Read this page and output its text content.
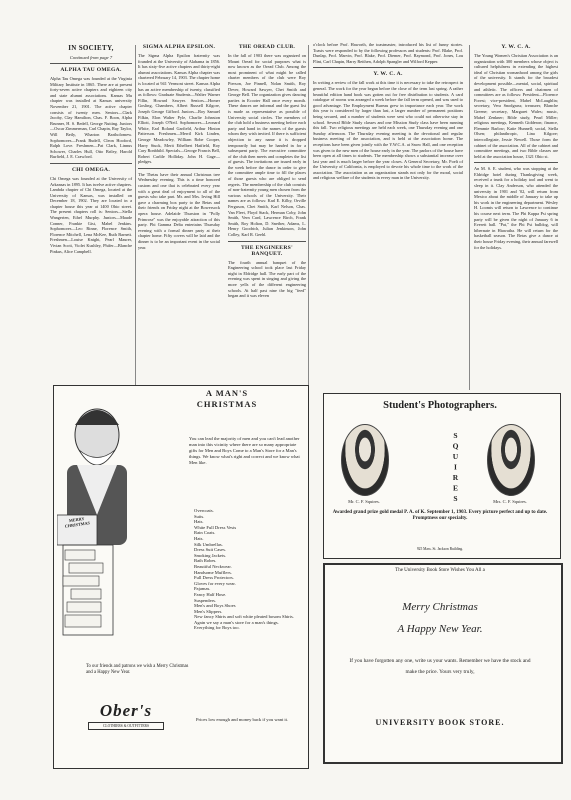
IN SOCIETY,
Continued from page 7
ALPHA TAU OMEGA.
Alpha Tau Omega was founded at the Virginia Military Institute in 1865. There are at present forty-seven active chapters and eighteen city and state alumni associations. Kansas Mu chapter was installed at Kansas university November 21, 1901. The active chapter consists of twenty men. Seniors—Clark Jacoby, Clay Hamilton, Chas. F. Boon, Alpha Brunner, H. S. Bedell, George Nutting. Juniors—Oscar Zimmerman, Carl Chapin, Ray Taylor, Will Beily, Wharton Bartholomew. Sophomores—Frank Budell, Cleon Hooford, Ralph Love. Freshmen—Pat Clark, Linnus Schower, Charles Hull, Otto Briley, Harold Burfield, J. E. Crawford.
CHI OMEGA.
Chi Omega was founded at the University of Arkansas in 1895. It has twelve active chapters. Lambda chapter of Chi Omega, located at the University of Kansas, was installed on December 18, 1902. They are located in a chapter house this year at 1400 Ohio street. The present chapters roll is: Seniors—Stella Wangerien, Ethel Murphy. Juniors—Maude Conner, Frankie Gist, Mabel Jenkins. Sophomores—Leo Rinne, Florence Smith, Florence Mitchell, Lena McKee, Ruth Barnett. Freshmen—Louise Knight, Pearl Maurer, Vivian Scott, Violet Kushley, Phifer—Blanche Pinkus, Alice Campbell.
SIGMA ALPHA EPSILON.
The Sigma Alpha Epsilon fraternity was founded at the University of Alabama in 1856. It has sixty-five active chapters and thirty-eight alumni associations. Kansas Alpha chapter was chartered February 14, 1903. The chapter home is located at 941 Vermont street. Kansas Alpha has an active membership of twenty, classified as follows: Graduate Students—Walter Warner Fillin, Howard Sawyer. Seniors—Homer Gosling, Chambers, Albert Russell Kilgore, Joseph George Gifford. Juniors—Roy Samuel Filkin, Elon Walter Pyle, Charlie Johnston Elliott, Joseph O'Neil. Sophomores—Leonard White, Earl Roland Garfield, Arthur Hinton Patterson. Freshmen—Merril Kirk Linden, George Meadowley, William Robe Cooper, Harry Stuck, Merit Ethelbert Hatfield, Roy Cary Ronbhild. Specials—George Francis Bell, Robert Carlile Holliday. John H. Gage—pledges.
The Thetas have their annual Christmas tree Wednesday evening. This is a time honored custom and one that is celebrated every year with a great deal of enjoyment to all of the guests who take part. Mr. and Mrs. Irving Hill gave a charming box party to the Betas and their friends on Friday night at the Bowersock opera house. Adelaide Thurston in "Polly Primrose" was the enjoyable attraction of this party. Phi Gamma Delta entertains Thursday evening with a formal dinner party at their chapter home. Fifty covers will be laid and the dinner is to be an important event in the social year.
THE OREAD CLUB.
In the fall of 1903 there was organized on Mount Oread for social purposes what is now known as the Oread Club. Among the most prominent of what might be called charter members of the club were Roy Pierson, Joe Pinnell, Nolan Smith, Roy Dever, Howard Sawyer, Chet Smith and George Bell. The organization gives dancing parties in Ecooter Hall once every month. These dances are informal and the guest list is made as representative as possible of University social circles. The members of the club hold a business meeting before each party and hand in the names of the guests whom they wish invited. If there is sufficient objection to any name it is dropped temporarily but may be handed in for a subsequent party. The executive committee of the club then meets and completes the list of guests. The invitations are issued early in the week before the dance in order to give the committee ample time to fill the places of those guests who are obliged to send regrets. The membership of the club consists of non-fraternity young men chosen from the various schools of the University. Their names are as follows: Karl E. Kilby, Orville Ferguson, Chet Smith, Karl Nelson, Chas. Van Fleet, Floyd Stack, Herman Coby, John Smith, Vern Card, Lawrence Birch, Frank Smith, Roy Holton, D. Sneiber, Adams, L. Henry Goodrich, Julian Jenkinson, John Colley, Karl R. Geehl.
THE ENGINEERS' BANQUET.
The fourth annual banquet of the Engineering school took place last Friday night in Eldridge hall. The early part of the evening was spent in singing and giving the more yells of the different engineering schools. At half past nine the big "feed" began and it was eleven
o'clock before Prof. Haworth, the toastmaster, introduced his list of funny stories. Toasts were responded to by the following professors and students: Prof. Blake, Prof. Dunlap, Prof. Marvin, Prof. Blake, Prof. Diemer, Prof. Raymond, Prof. Jones, Lou Flint, Carl Chapin, Harry Reithen, Adolph Spangler and Wilford Kepper.
Y. W. C. A.
In writing a review of the fall work at this time it is necessary to take the retrospect in general. The work for the year began before the close of the term last spring. A rather beautiful edition hand book was gotten out for free distribution to students. A card catalogue of rooms was arranged a week before the fall term opened, and was used to good advantage. The Employment Bureau grew in importance each year. The work this year is considered by larger than last, a larger number of permanent positions being secured, and a number of students were sent who could not otherwise stay in school. Several Bible Study classes and one Mission Study class have been running this fall. Two religious meetings are held each week, one Thursday evening and one Sunday afternoon. The Thursday evening meeting is the devotional and regular business meeting of the association, and is held at the association home. The receptions have been given jointly with the Y.W.C.A. at Snow Hall, and one reception was given to the new men of the house early in the year. The parlors of the house have been open at all times to students. The membership shows a substantial increase over last year and is much larger before the year closes. A General Secretary, Mr. Poelt of the University of California, is employed to devote his whole time to the work of the association. The association as an organization stands not only for the moral, social and religious welfare of the students in every man in the University.
Y. W. C. A.
The Young Women's Christian Association is an organization with 300 members whose object is cultured helpfulness in extending the highest ideal of Christian womanhood among the girls of the university. It stands for the broadest development possible—mental, social, spiritual and athletic. The officers and chairmen of committees are as follows: President—Florence Forest; vice-president, Mabel McLaughlin; secretary, Vera Snodgrass; treasurer, Blanche Greene; secretary, Margaret Wales; music, Mabel Zenkner; Bible study, Pearl Miller; religious meetings, Kenneth Gidderon; finance, Flemmie Barlow; Katie Hunnell; social, Stella Olsen; philanthropic, Lina Kilgore; intercollegiate, Jessie Newell. Those form the cabinet of the association. All of the cabinet and committee meetings, and two Bible classes are held at the association house, 1321 Ohio st.
An M. S. E. student, who was stopping at the Eldridge hotel during Thanksgiving week, received a trunk for a holiday tool and went to sleep in it. Clay Anderson, who attended the university in 1901 and '02, will return from Mexico about the middle of January to take up his work in the engineering department. Wesley H. Loomis will return to Lawrence to continue his course next term. The Phi Kappa Psi spring party will be given the night of January 6 in Everett hall. "Pat," the Phi Psi bulldog, will hibernate in Hiawatha. He will return for the basketball season. The Betas give a dance at their house Friday evening, their annual farewell for the holidays.
MERRY CHRISTMAS
A MAN'S CHRISTMAS
You can lead the majority of men and you can't lead another man into this vicinity where there are so many appropriate gifts for Men and Boys Come to a Man's Store for a Man's things. We know what's right and correct and we know what Men like.
Overcoats.
Suits.
Hats.
White Full Dress Vests
Rain Coats.
Hats.
Silk Umbrellas.
Dress Suit Cases.
Smoking Jackets.
Bath Robes.
Beautiful Neckwear.
Handsome Mufflers.
Full Dress Protectors.
Gloves for every wear.
Pajamas.
Fancy Half Hose.
Suspenders.
Men's and Boys Shoes
Men's Slippers.
New fancy Shirts and soft white pleated bosom Shirts.
Again we say a man's store for a man's things.
Everything for Boys too.
Prices low enough and money back if you want it.
To our friends and patrons we wish a Merry Christmas and a Happy New Year.
Ober's
CLOTHIERS & OUTFITTERS
Student's Photographers.
SQUIRES
Mr. C. F. Squires.	Mrs. C. F. Squires.
Awarded grand prize gold medal P. A. of K. September 1, 1903. Every picture perfect and up to date. Promptness our specialty.
925 Mass. St. Jackson Building.
The University Book Store Wishes You All a
Merry Christmas
A Happy New Year.
If you have forgotten any one, write us your wants. Remember we have the stock and make the price. Yours very truly,
UNIVERSITY BOOK STORE.
